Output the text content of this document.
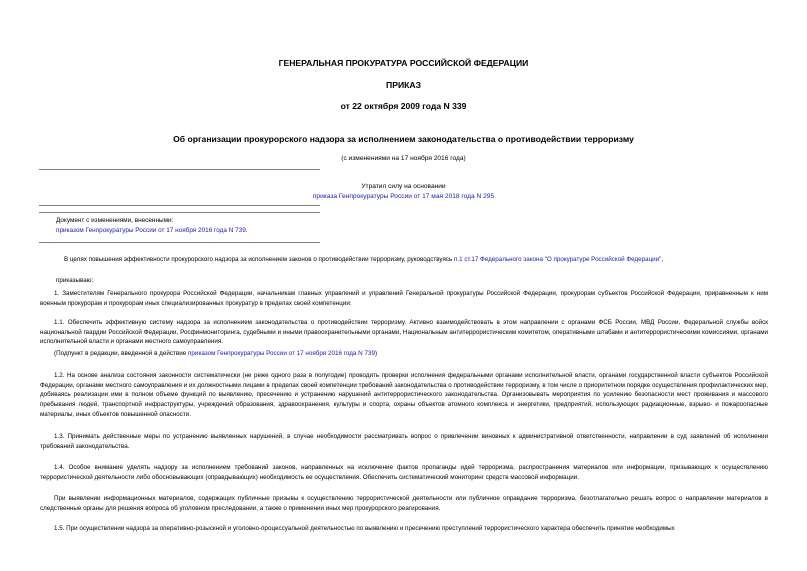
ГЕНЕРАЛЬНАЯ ПРОКУРАТУРА РОССИЙСКОЙ ФЕДЕРАЦИИ
ПРИКАЗ
от 22 октября 2009 года N 339
Об организации прокурорского надзора за исполнением законодательства о противодействии терроризму
(с изменениями на 17 ноября 2016 года)
Утратил силу на основании
приказа Генпрокуратуры России от 17 мая 2018 года N 295
Документ с изменениями, внесенными:
приказом Генпрокуратуры России от 17 ноября 2016 года N 739.
В целях повышения эффективности прокурорского надзора за исполнением законов о противодействии терроризму, руководствуясь п.1 ст.17 Федерального закона "О прокуратуре Российской Федерации",
приказываю:
1. Заместителям Генерального прокурора Российской Федерации, начальникам главных управлений и управлений Генеральной прокуратуры Российской Федерации, прокурорам субъектов Российской Федерации, приравненным к ним военным прокурорам и прокурорам иных специализированных прокуратур в пределах своей компетенции:
1.1. Обеспечить эффективную систему надзора за исполнением законодательства о противодействии терроризму. Активно взаимодействовать в этом направлении с органами ФСБ России, МВД России, Федеральной службы войск национальной гвардии Российской Федерации, Росфинмониторинга, судебными и иными правоохранительными органами, Национальным антитеррористическим комитетом, оперативными штабами и антитеррористическими комиссиями, органами исполнительной власти и органами местного самоуправления.
(Подпункт в редакции, введенной в действие приказом Генпрокуратуры России от 17 ноября 2016 года N 739)
1.2. На основе анализа состояния законности систематически (не реже одного раза в полугодие) проводить проверки исполнения федеральными органами исполнительной власти, органами государственной власти субъектов Российской Федерации, органами местного самоуправления и их должностными лицами в пределах своей компетенции требований законодательства о противодействии терроризму, в том числе о приоритетном порядке осуществления профилактических мер, добиваясь реализации ими в полном объеме функций по выявлению, пресечению и устранению нарушений антитеррористического законодательства. Организовывать мероприятия по усилению безопасности мест проживания и массового пребывания людей, транспортной инфраструктуры, учреждений образования, здравоохранения, культуры и спорта, охраны объектов атомного комплекса и энергетики, предприятий, использующих радиационные, взрыво- и пожароопасные материалы, иных объектов повышенной опасности.
1.3. Принимать действенные меры по устранению выявленных нарушений, в случае необходимости рассматривать вопрос о привлечении виновных к административной ответственности, направлении в суд заявлений об исполнении требований законодательства.
1.4. Особое внимание уделять надзору за исполнением требований законов, направленных на исключение фактов пропаганды идей терроризма, распространения материалов или информации, призывающих к осуществлению террористической деятельности либо обосновывающих (оправдывающих) необходимость ее осуществления. Обеспечить систематический мониторинг средств массовой информации.
При выявлении информационных материалов, содержащих публичные призывы к осуществлению террористической деятельности или публичное оправдание терроризма, безотлагательно решать вопрос о направлении материалов в следственные органы для решения вопроса об уголовном преследовании, а также о применении иных мер прокурорского реагирования.
1.5. При осуществлении надзора за оперативно-розыскной и уголовно-процессуальной деятельностью по выявлению и пресечению преступлений террористического характера обеспечить принятие необходимых
